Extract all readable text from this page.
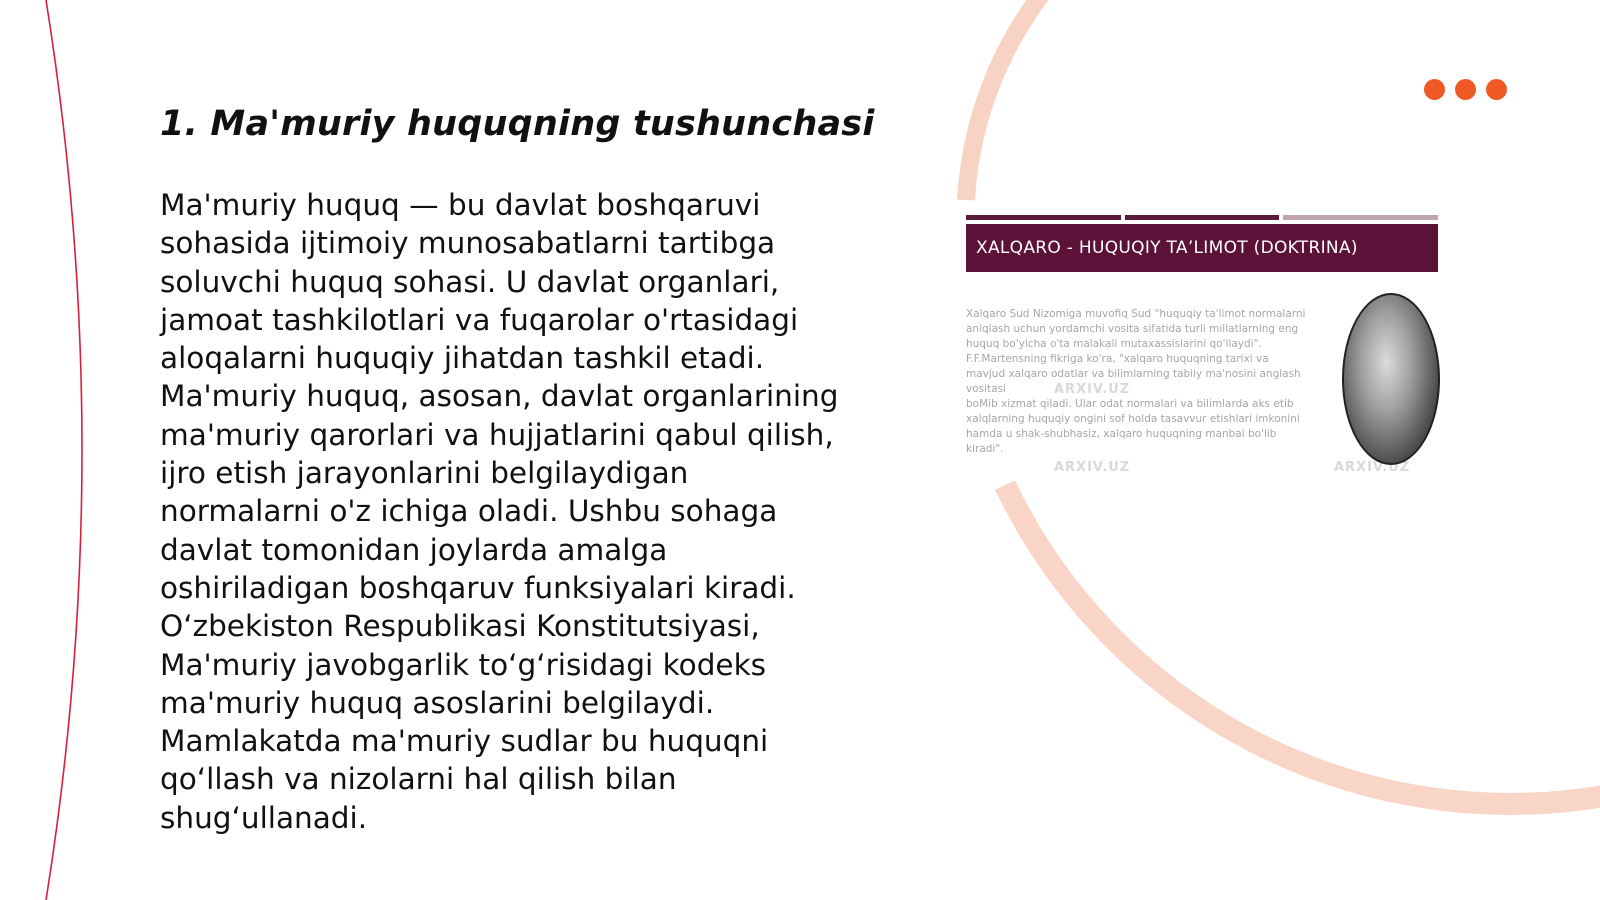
1. Ma'muriy huquqning tushunchasi
Ma'muriy huquq — bu davlat boshqaruvi sohasida ijtimoiy munosabatlarni tartibga soluvchi huquq sohasi. U davlat organlari, jamoat tashkilotlari va fuqarolar o'rtasidagi aloqalarni huquqiy jihatdan tashkil etadi. Ma'muriy huquq, asosan, davlat organlarining ma'muriy qarorlari va hujjatlarini qabul qilish, ijro etish jarayonlarini belgilaydigan normalarni o'z ichiga oladi. Ushbu sohaga davlat tomonidan joylarda amalga oshiriladigan boshqaruv funksiyalari kiradi. O‘zbekiston Respublikasi Konstitutsiyasi, Ma'muriy javobgarlik to‘g‘risidagi kodeks ma'muriy huquq asoslarini belgilaydi. Mamlakatda ma'muriy sudlar bu huquqni qo‘llash va nizolarni hal qilish bilan shug‘ullanadi.
XALQARO - HUQUQIY TA’LIMOT (DOKTRINA)

Xalqaro Sud Nizomiga muvofiq Sud "huquqiy ta'limot normalarni

aniqlash uchun yordamchi vosita sifatida turli millatlarning eng

huquq bo'yicha o'ta malakali mutaxassislarini qo'llaydi".

F.F.Martensning fikriga ko'ra, "xalqaro huquqning tarixi va

mavjud xalqaro odatlar va bilimlarning tabiiy ma'nosini anglash

vositasi

boMib xizmat qiladi. Ular odat normalari va bilimlarda aks etib

xalqlarning huquqiy ongini sof holda tasavvur etishlari imkonini

hamda u shak-shubhasiz, xalqaro huquqning manbai bo'lib

kiradi".

ARXIV.UZ
ARXIV.UZ	ARXIV.UZ
